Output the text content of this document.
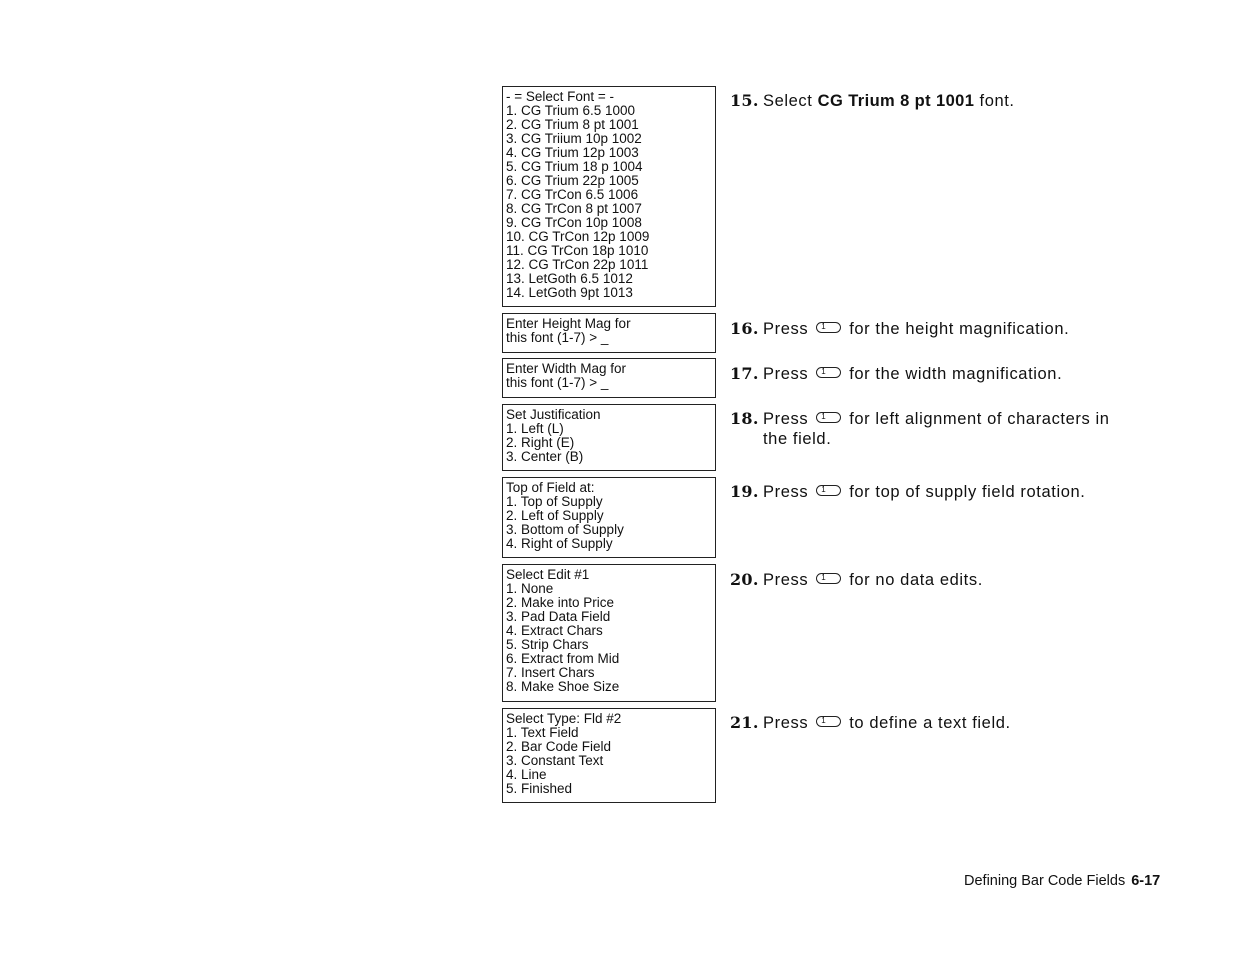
- = Select Font = -
1. CG Trium 6.5 1000
2. CG Trium 8 pt 1001
3. CG Triium 10p 1002
4. CG Trium 12p 1003
5. CG Trium 18 p 1004
6. CG Trium 22p 1005
7. CG TrCon 6.5 1006
8. CG TrCon 8 pt 1007
9. CG TrCon 10p 1008
10. CG TrCon 12p 1009
11. CG TrCon 18p 1010
12. CG TrCon 22p 1011
13. LetGoth 6.5 1012
14. LetGoth 9pt 1013
Enter Height Mag for
this font (1-7) > _
Enter Width Mag for
this font (1-7) > _
Set Justification
1. Left (L)
2. Right (E)
3. Center (B)
Top of Field at:
1. Top of Supply
2. Left of Supply
3. Bottom of Supply
4. Right of Supply
Select Edit #1
1. None
2. Make into Price
3. Pad Data Field
4. Extract Chars
5. Strip Chars
6. Extract from Mid
7. Insert Chars
8. Make Shoe Size
Select Type: Fld #2
1. Text Field
2. Bar Code Field
3. Constant Text
4. Line
5. Finished
15. Select CG Trium 8 pt 1001 font.
16. Press 1 for the height magnification.
17. Press 1 for the width magnification.
18. Press 1 for left alignment of characters in
the field.
19. Press 1 for top of supply field rotation.
20. Press 1 for no data edits.
21. Press 1 to define a text field.
Defining Bar Code Fields 6-17
